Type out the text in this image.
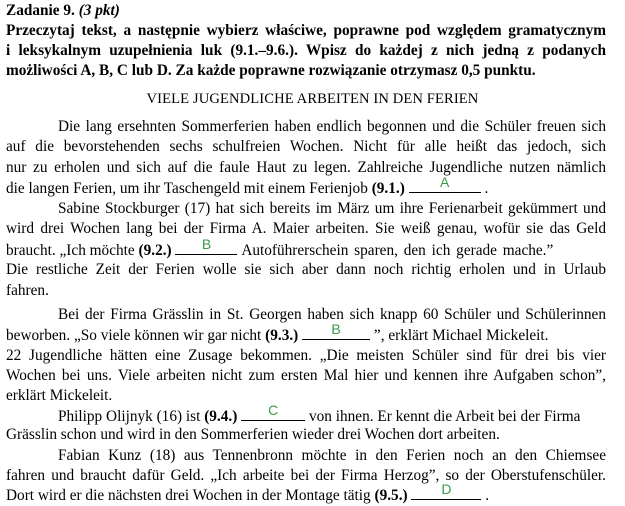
Zadanie 9. (3 pkt)
Przeczytaj tekst, a następnie wybierz właściwe, poprawne pod względem gramatycznym
i leksykalnym uzupełnienia luk (9.1.–9.6.). Wpisz do każdej z nich jedną z podanych
możliwości A, B, C lub D. Za każde poprawne rozwiązanie otrzymasz 0,5 punktu.
VIELE JUGENDLICHE ARBEITEN IN DEN FERIEN
Die lang ersehnten Sommerferien haben endlich begonnen und die Schüler freuen sich
auf die bevorstehenden sechs schulfreien Wochen. Nicht für alle heißt das jedoch, sich
nur zu erholen und sich auf die faule Haut zu legen. Zahlreiche Jugendliche nutzen nämlich
die langen Ferien, um ihr Taschengeld mit einem Ferienjob (9.1.)	A	.
Sabine Stockburger (17) hat sich bereits im März um ihre Ferienarbeit gekümmert und
wird drei Wochen lang bei der Firma A. Maier arbeiten. Sie weiß genau, wofür sie das Geld
braucht. „Ich möchte (9.2.)	B	Autoführerschein sparen, den ich gerade mache.”
Die restliche Zeit der Ferien wolle sie sich aber dann noch richtig erholen und in Urlaub
fahren.
Bei der Firma Grässlin in St. Georgen haben sich knapp 60 Schüler und Schülerinnen
beworben. „So viele können wir gar nicht (9.3.)	B	”, erklärt Michael Mickeleit.
22 Jugendliche hätten eine Zusage bekommen. „Die meisten Schüler sind für drei bis vier
Wochen bei uns. Viele arbeiten nicht zum ersten Mal hier und kennen ihre Aufgaben schon”,
erklärt Mickeleit.
Philipp Olijnyk (16) ist (9.4.)	C	von ihnen. Er kennt die Arbeit bei der Firma
Grässlin schon und wird in den Sommerferien wieder drei Wochen dort arbeiten.
Fabian Kunz (18) aus Tennenbronn möchte in den Ferien noch an den Chiemsee
fahren und braucht dafür Geld. „Ich arbeite bei der Firma Herzog”, so der Oberstufenschüler.
Dort wird er die nächsten drei Wochen in der Montage tätig (9.5.)	D	.
